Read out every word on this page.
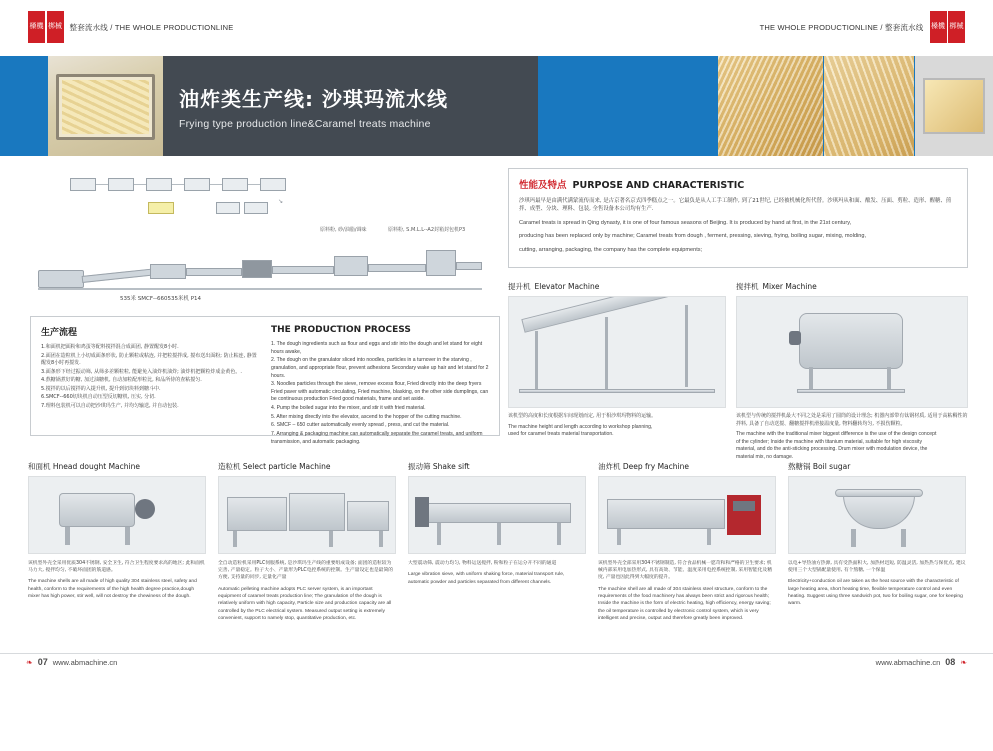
槡機 梆械 整套流水线 / THE WHOLE PRODUCTIONLINE	THE WHOLE PRODUCTIONLINE / 整套流水线 槡機 梆械
油炸类生产线: 沙琪玛流水线
Frying type production line&Caramel treats machine
↘
原料粉, 砂/油脂/调味	原料粉, S.M.L.L--A2封箱封包机P3
535米 SMCF--660535米机 P14
性能及特点 PURPOSE AND CHARACTERISTIC

沙琪玛最早是由满代满蒙流传而来, 是古京著名京式四季糕点之一。它最负是从人工手工制作, 到了21世纪, 已经被机械化所代替。沙琪玛从和面、酿发、压面、剪粒、造形、醒糖、煎拌、成型、分块、理料、包装, 全售设备本公司均有生产.

Caramel treats is spread in Qing dynasty, it is one of four famous seasons of Beijing. It is produced by hand at first, in the 21st century,

producing has been replaced only by machine; Caramel treats from dough , ferment, pressing, sieving, frying, boiling sugar, mixing, molding,

cutting, arranging, packaging, the company has the complete equipments;

提升机 Elevator Machine
该机型的高度和长度根据车间现划而定, 用于相沙琪玛物料的运输。
The machine height and length according to workshop planning,
used for caramel treats material transportation.
搅拌机 Mixer Machine
该机型与传统的搅拌机最大不同之处是采用了圆筒的设计理念; 机器内部带有钛钢材质, 适用于高粘稠性的拌料, 具备了自动送搅、翻糖搅拌机滑接温度量, 物料翻转均匀, 不损伤颗粒。
The machine with the traditional mixer biggest difference is the use of the design concept
of the cylinder; Inside the machine with titanium material, suitable for high viscosity
material, and do the anti-sticking processing. Drum mixer with modulation device, the
material mix, no damage.
生产流程

1.和面机把面粉和鸡蛋等配料搅拌混合成面团, 静置醒发8小时.

2.面团在造粒机上小切成面条形状, 防止颗粒或粘连, 并把粒搅拌成, 搅布送出面粉; 防止粘连, 静置醒发8小时再搅发.

3.面条形下经过振动筛, 从筛多差颗粒粒, 能避免入油炸机油炸; 油炸机把颗粒炸成金黄色。.

4.熬糖锅煮好的糖, 加过油糖机, 自动加粒配形粒比, 和品所侍的查粘搅匀.

5.搅拌的以后搅拌的入提升机, 提升到切块料到糖斗中.

6.SMCF--660切块机自动压型反切糖机, 压实, 分切.

7.理料包装机可以自动把沙琪玛生产, 并均匀输送, 并自动包装.

THE PRODUCTION PROCESS

1. The dough ingredients such as flour and eggs and stir into the dough and let stand for eight hours awake,

2. The dough on the granulator sliced into noodles, particles in a turnover in the starving , granulation, and appropriate flour, prevent adhesions Secondary wake up hair and let stand for 2 hours.

3. Noodles particles through the sieve, remove excess flour, Fried directly into the deep fryers Fried paver with automatic circulating, Fried machine, blasking, on the other side dumplings, can be continuous production Fried good materials, frame and set aside.

4. Pump the boiled sugar into the mixer, and stir it with fried material.

5. After mixing directly into the elevator, ascend to the hopper of the cutting machine.

6. SMCF – 650 cutter automatically evenly spread , press, and cut the material.

7. Arranging & packaging machine can automatically separate the caramel treats, and uniform transmission, and automatic packaging.

和面机 Hnead dought Machine
该机型外壳全采用优质304不锈钢, 安全卫生, 符合卫生程度要求高的地区; 此和面机马力大, 搅拌均匀, 不破坏面团的筋道感。
The machine shells are all made of high quality 304 stainless steel, safety and health, conform to the requirements of the high health degree practice,dough mixer has high power, stir well, will not destroy the chewiness of the dough.
造粒机 Select particle Machine
全自动造粒机采用PLC伺服系统, 是沙琪玛生产线的重要组成设备; 面团的造粒较为完善, 产量稳定。粒子大小、产量形为PLC电控系统的控制。生产量设定也是最简的方便, 支持量的同步, 定量化产量
Automatic pelleting machine adopts PLC server system, is an important equipment of caramel treats production line; The granulation of the dough is relatively uniform with high capacity, Particle size and production capacity are all controlled by the PLC electrical system. Measured output setting is extremely convenient, support to namely stop, quantitative production, etc.
振动筛 Shake sift
大型震动筛, 震动力均匀, 物料运送搅拌, 粉和粒子在运分开不同的通道
Large vibration sieve, with uniform shaking force, material transport rule, automatic powder and particles separated from different channels.
油炸机 Deep fry Machine
该机型外壳全部采用304不锈钢制造, 符合食品机械一愿苛和和严格的卫生要求; 机械内部采用电加热形式, 具有高效、节能、温度采用电控系统控制, 采用智能化及精度, 产量也因此得到大幅度的提升。
The machine shell are all made of 304 stainless steel structure, conform to the requirements of the food machinery has always been strict and rigorous health; Inside the machine is the form of electric heating, high efficiency, energy saving; the oil temperature is controlled by electronic control system, which is very intelligent and precise, output and therefore greatly been improved.
熬糖锅 Boil sugar
以电+导热油方热源, 具有受热面积大, 加热材迅短, 防温灵活, 加热热与保优点, 建议使用三个大型锅配量使用, 有个熬糖, 一个保温
Electricity+conduction oil are taken as the heat source with the characteristic of large heating area, short heating time, flexible temperature control and even heating. Suggest using three sandwich pot, two for boiling sugar, one for keeping warm.
❧ 07 www.abmachine.cn	www.abmachine.cn 08 ❧
